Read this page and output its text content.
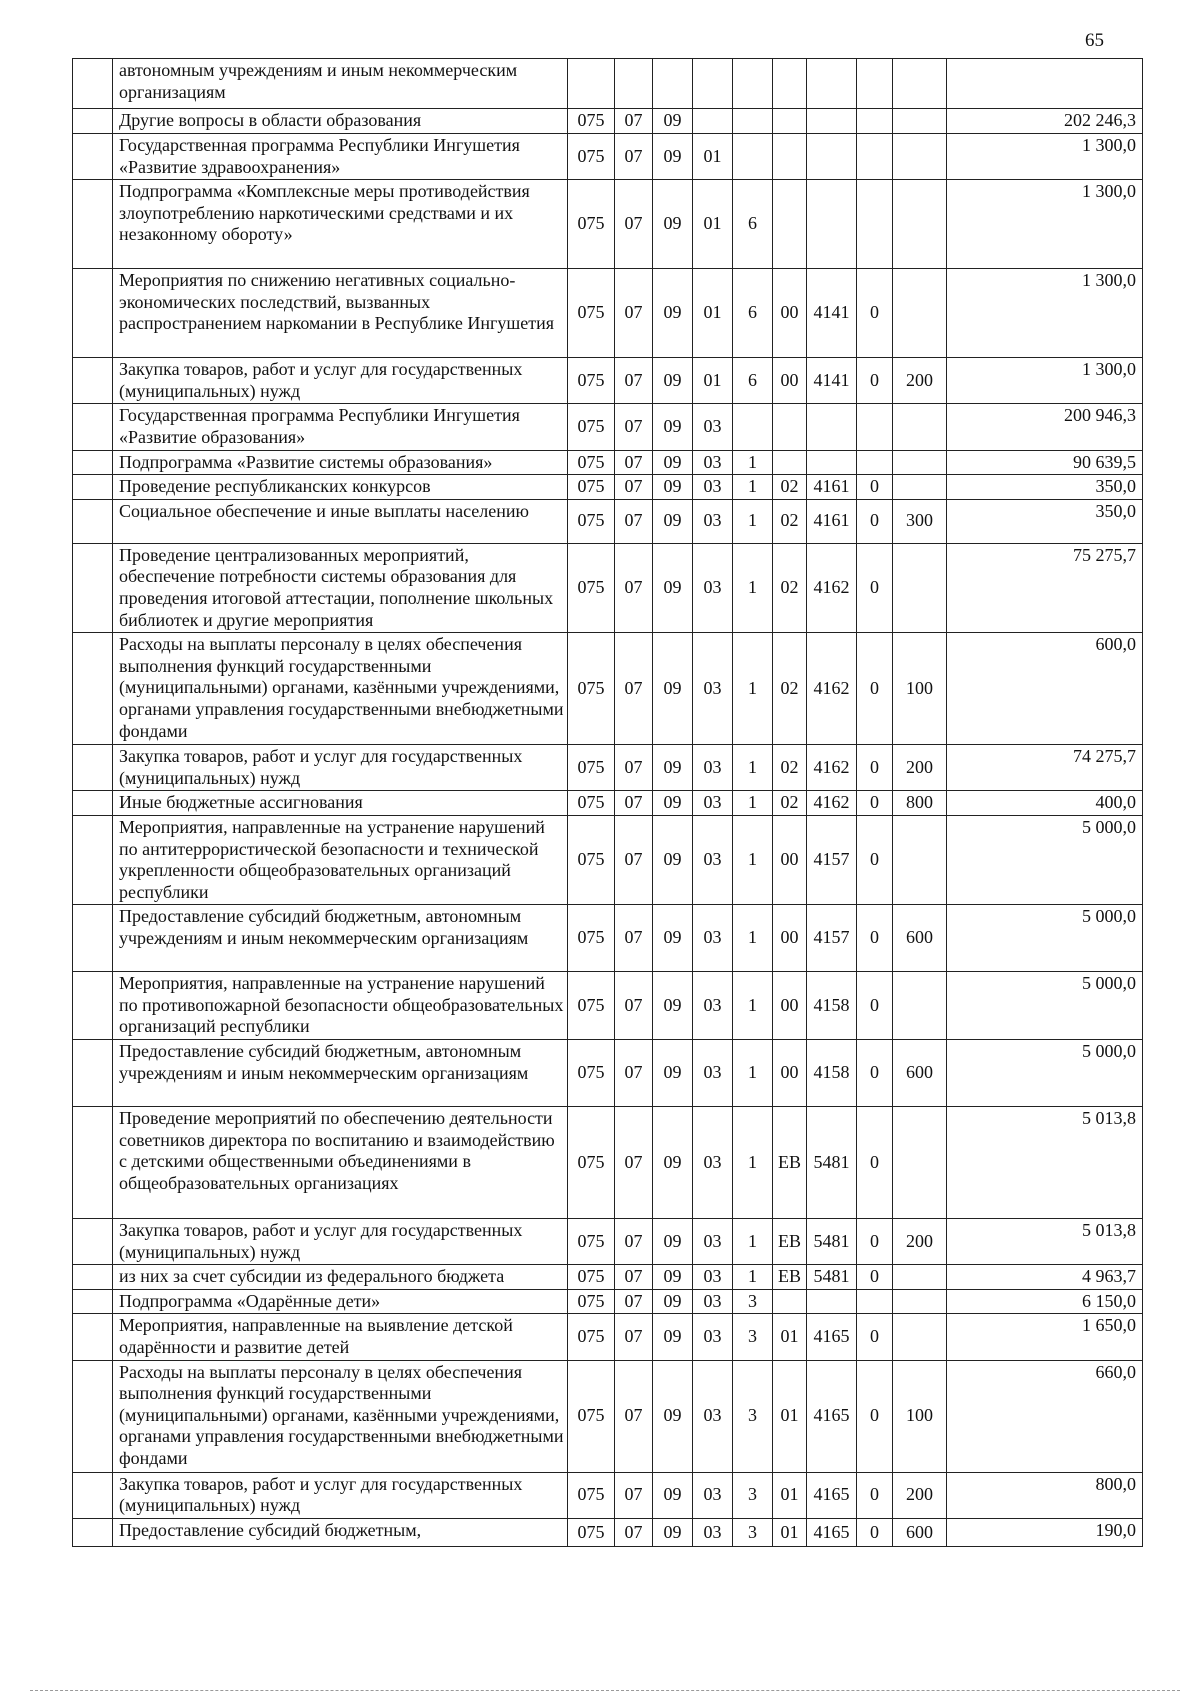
65
	автономным учреждениям и иным некоммерческим организациям										
	Другие вопросы в области образования	075	07	09							202 246,3
	Государственная программа Республики Ингушетия «Развитие здравоохранения»	075	07	09	01						1 300,0
	Подпрограмма «Комплексные меры противодействия злоупотреблению наркотическими средствами и их незаконному обороту»	075	07	09	01	6					1 300,0
	Мероприятия по снижению негативных социально-экономических последствий, вызванных распространением наркомании в Республике Ингушетия	075	07	09	01	6	00	4141	0		1 300,0
	Закупка товаров, работ и услуг для государственных (муниципальных) нужд	075	07	09	01	6	00	4141	0	200	1 300,0
	Государственная программа Республики Ингушетия «Развитие образования»	075	07	09	03						200 946,3
	Подпрограмма «Развитие системы образования»	075	07	09	03	1					90 639,5
	Проведение республиканских конкурсов	075	07	09	03	1	02	4161	0		350,0
	Социальное обеспечение и иные выплаты населению	075	07	09	03	1	02	4161	0	300	350,0
	Проведение централизованных мероприятий, обеспечение потребности системы образования для проведения итоговой аттестации, пополнение школьных библиотек и другие мероприятия	075	07	09	03	1	02	4162	0		75 275,7
	Расходы на выплаты персоналу в целях обеспечения выполнения функций государственными (муниципальными) органами, казёнными учреждениями, органами управления государственными внебюджетными фондами	075	07	09	03	1	02	4162	0	100	600,0
	Закупка товаров, работ и услуг для государственных (муниципальных) нужд	075	07	09	03	1	02	4162	0	200	74 275,7
	Иные бюджетные ассигнования	075	07	09	03	1	02	4162	0	800	400,0
	Мероприятия, направленные на устранение нарушений по антитеррористической безопасности и технической укрепленности общеобразовательных организаций республики	075	07	09	03	1	00	4157	0		5 000,0
	Предоставление субсидий бюджетным, автономным учреждениям и иным некоммерческим организациям	075	07	09	03	1	00	4157	0	600	5 000,0
	Мероприятия, направленные на устранение нарушений по противопожарной безопасности общеобразовательных организаций республики	075	07	09	03	1	00	4158	0		5 000,0
	Предоставление субсидий бюджетным, автономным учреждениям и иным некоммерческим организациям	075	07	09	03	1	00	4158	0	600	5 000,0
	Проведение мероприятий по обеспечению деятельности советников директора по воспитанию и взаимодействию с детскими общественными объединениями в общеобразовательных организациях	075	07	09	03	1	ЕВ	5481	0		5 013,8
	Закупка товаров, работ и услуг для государственных (муниципальных) нужд	075	07	09	03	1	ЕВ	5481	0	200	5 013,8
	из них за счет субсидии из федерального бюджета	075	07	09	03	1	ЕВ	5481	0		4 963,7
	Подпрограмма «Одарённые дети»	075	07	09	03	3					6 150,0
	Мероприятия, направленные на выявление детской одарённости и развитие детей	075	07	09	03	3	01	4165	0		1 650,0
	Расходы на выплаты персоналу в целях обеспечения выполнения функций государственными (муниципальными) органами, казёнными учреждениями, органами управления государственными внебюджетными фондами	075	07	09	03	3	01	4165	0	100	660,0
	Закупка товаров, работ и услуг для государственных (муниципальных) нужд	075	07	09	03	3	01	4165	0	200	800,0
	Предоставление субсидий бюджетным,	075	07	09	03	3	01	4165	0	600	190,0
